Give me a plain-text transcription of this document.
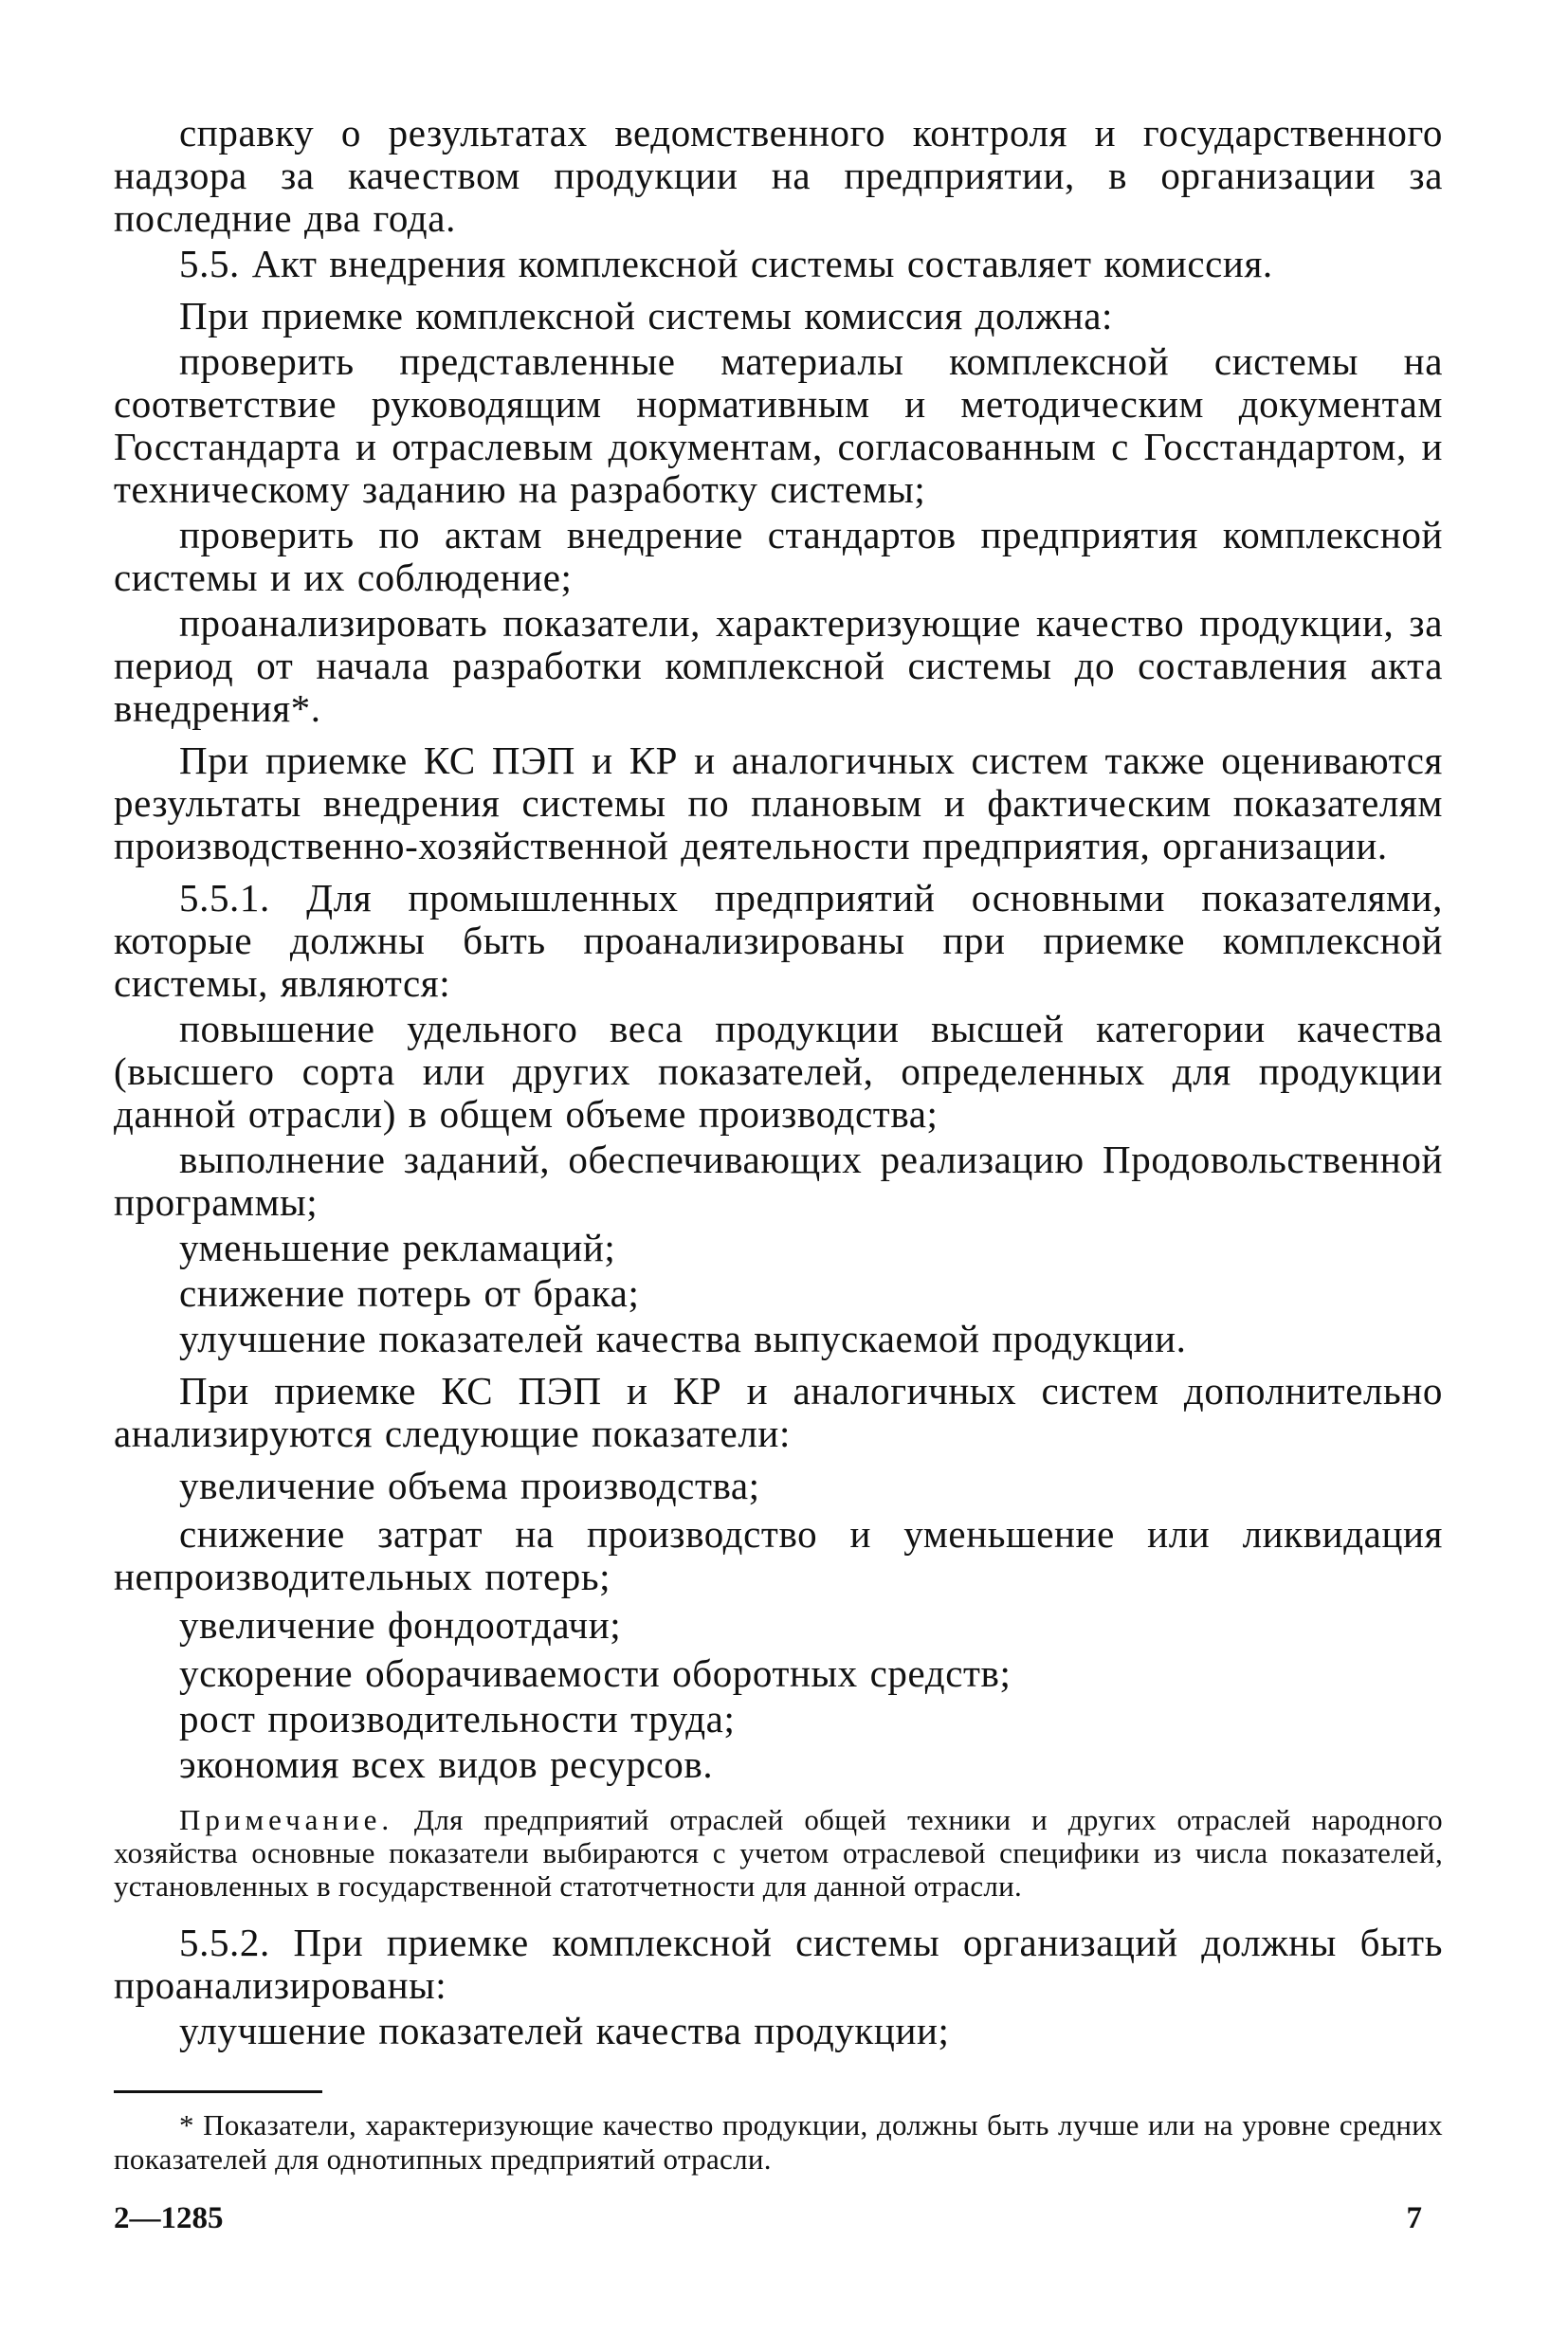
справку о результатах ведомственного контроля и государственного надзора за качеством продукции на предприятии, в организации за последние два года.

5.5. Акт внедрения комплексной системы составляет комиссия.

При приемке комплексной системы комиссия должна:

проверить представленные материалы комплексной системы на соответствие руководящим нормативным и методическим документам Госстандарта и отраслевым документам, согласованным с Госстандартом, и техническому заданию на разработку системы;

проверить по актам внедрение стандартов предприятия комплексной системы и их соблюдение;

проанализировать показатели, характеризующие качество продукции, за период от начала разработки комплексной системы до составления акта внедрения*.

При приемке КС ПЭП и КР и аналогичных систем также оцениваются результаты внедрения системы по плановым и фактическим показателям производственно-хозяйственной деятельности предприятия, организации.

5.5.1. Для промышленных предприятий основными показателями, которые должны быть проанализированы при приемке комплексной системы, являются:

повышение удельного веса продукции высшей категории качества (высшего сорта или других показателей, определенных для продукции данной отрасли) в общем объеме производства;

выполнение заданий, обеспечивающих реализацию Продовольственной программы;

уменьшение рекламаций;

снижение потерь от брака;

улучшение показателей качества выпускаемой продукции.

При приемке КС ПЭП и КР и аналогичных систем дополнительно анализируются следующие показатели:

увеличение объема производства;

снижение затрат на производство и уменьшение или ликвидация непроизводительных потерь;

увеличение фондоотдачи;

ускорение оборачиваемости оборотных средств;

рост производительности труда;

экономия всех видов ресурсов.

Примечание. Для предприятий отраслей общей техники и других отраслей народного хозяйства основные показатели выбираются с учетом отраслевой специфики из числа показателей, установленных в государственной статотчетности для данной отрасли.

5.5.2. При приемке комплексной системы организаций должны быть проанализированы:

улучшение показателей качества продукции;

* Показатели, характеризующие качество продукции, должны быть лучше или на уровне средних показателей для однотипных предприятий отрасли.

2—1285	7
